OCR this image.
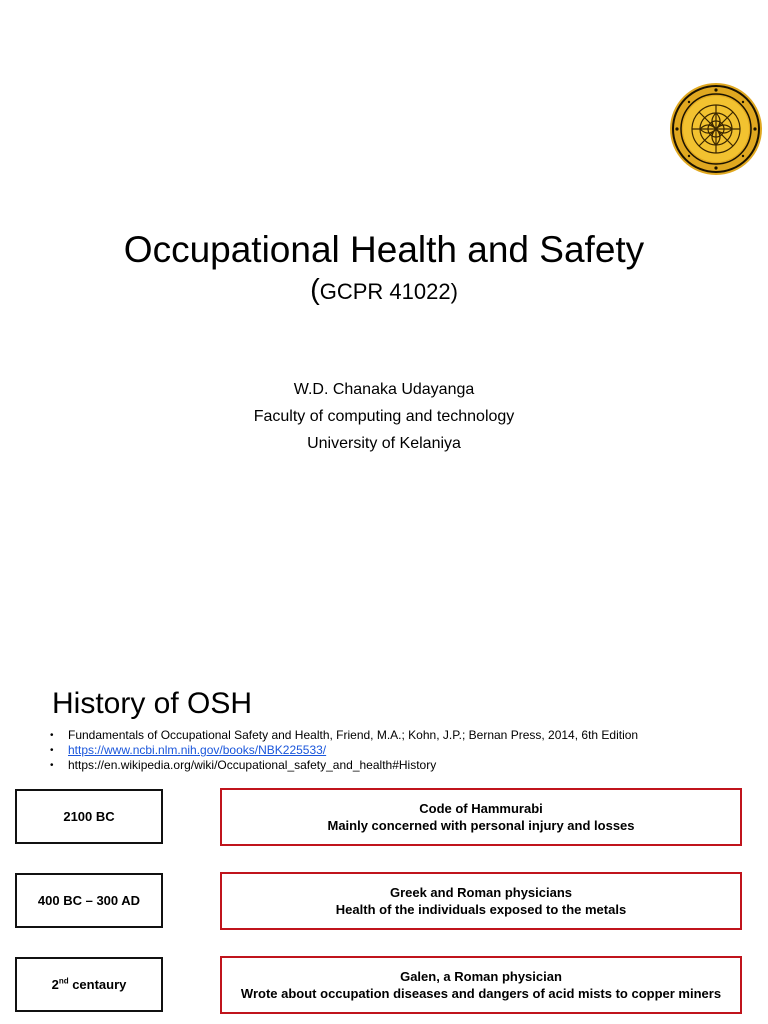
Occupational Health and Safety
(GCPR 41022)
W.D. Chanaka Udayanga
Faculty of computing and technology
University of Kelaniya
History of OSH
• Fundamentals of Occupational Safety and Health, Friend, M.A.; Kohn, J.P.; Bernan Press, 2014, 6th Edition
• https://www.ncbi.nlm.nih.gov/books/NBK225533/
• https://en.wikipedia.org/wiki/Occupational_safety_and_health#History
2100 BC
Code of Hammurabi
Mainly concerned with personal injury and losses
400 BC – 300 AD
Greek and Roman physicians
Health of the individuals exposed to the metals
2nd centaury
Galen, a Roman physician
Wrote about occupation diseases and dangers of acid mists to copper miners
